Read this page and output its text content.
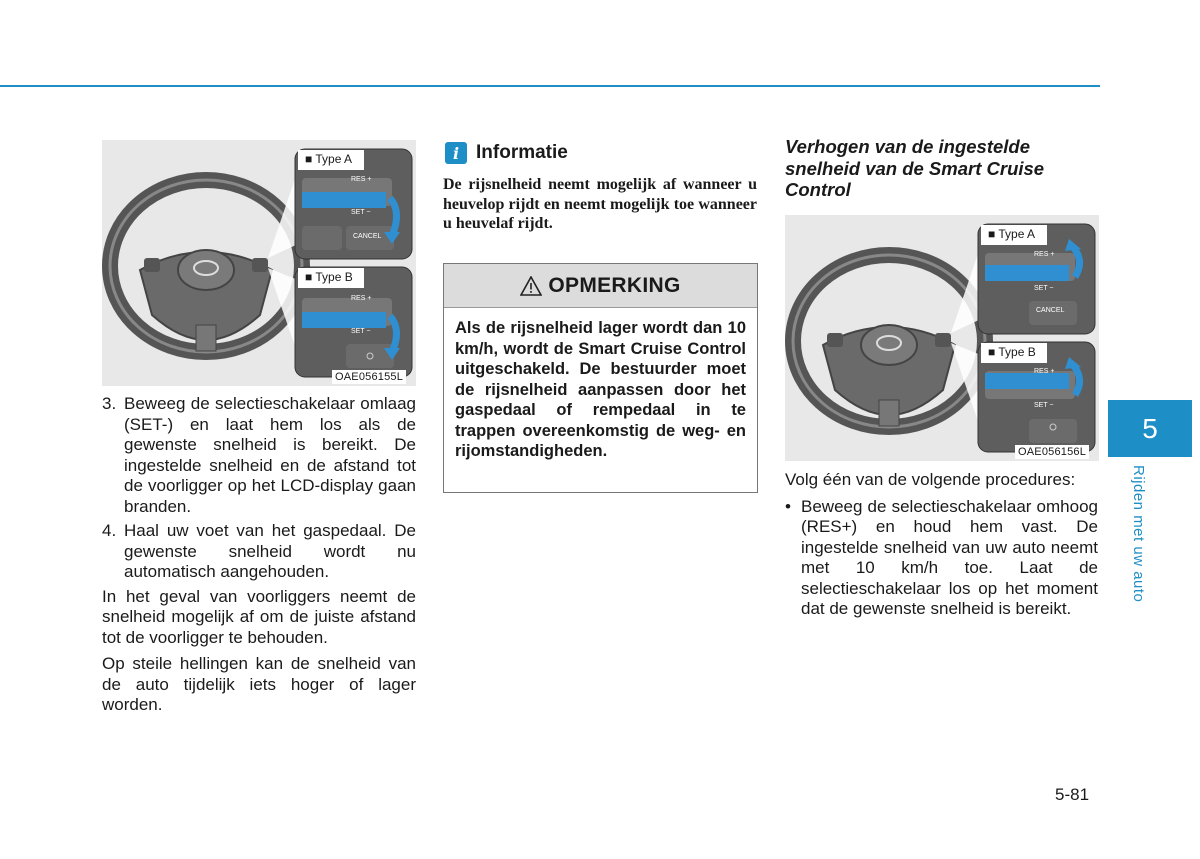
■ Type A
RES +
SET −
CANCEL
■ Type B
RES +
SET −
OAE056155L
3. Beweeg de selectieschakelaar omlaag (SET-) en laat hem los als de gewenste snelheid is bereikt. De ingestelde snelheid en de afstand tot de voorligger op het LCD-display gaan branden.
4. Haal uw voet van het gaspedaal. De gewenste snelheid wordt nu automatisch aangehouden.

In het geval van voorliggers neemt de snelheid mogelijk af om de juiste afstand tot de voorligger te behouden.

Op steile hellingen kan de snelheid van de auto tijdelijk iets hoger of lager worden.

i Informatie
De rijsnelheid neemt mogelijk af wanneer u heuvelop rijdt en neemt mogelijk toe wanneer u heuvelaf rijdt.
OPMERKING
Als de rijsnelheid lager wordt dan 10 km/h, wordt de Smart Cruise Control uitgeschakeld. De bestuurder moet de rijsnelheid aanpassen door het gaspedaal of rempedaal in te trappen overeenkomstig de weg- en rijomstandigheden.
Verhogen van de ingestelde snelheid van de Smart Cruise Control
■ Type A
RES +
SET −
CANCEL
■ Type B
RES +
SET −
OAE056156L

Volg één van de volgende procedures:

• Beweeg de selectieschakelaar omhoog (RES+) en houd hem vast. De ingestelde snelheid van uw auto neemt met 10 km/h toe. Laat de selectieschakelaar los op het moment dat de gewenste snelheid is bereikt.
5
Rijden met uw auto
5-81
